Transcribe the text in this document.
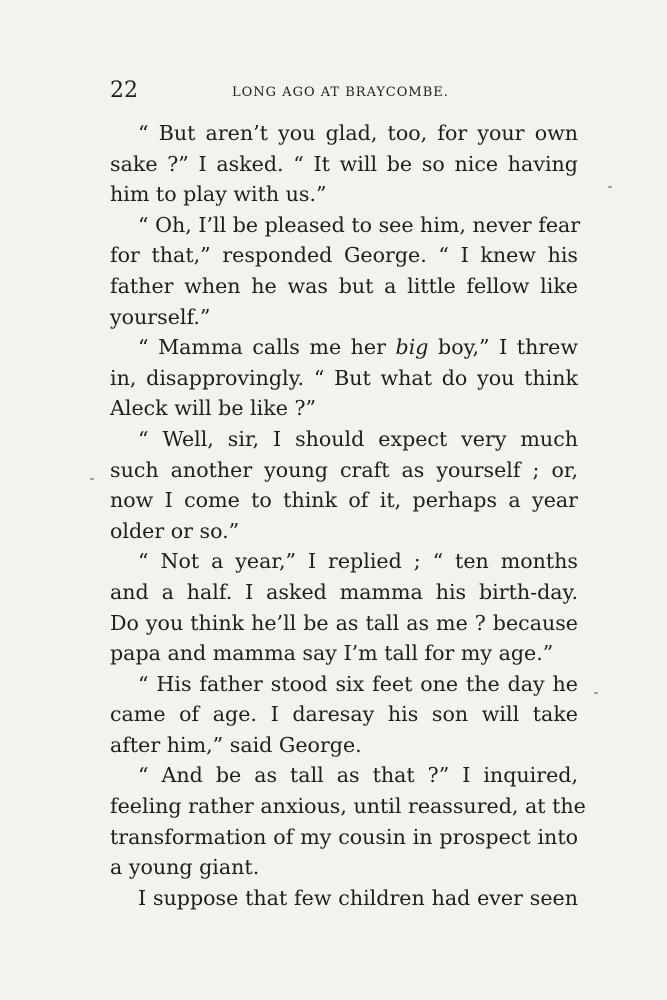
22	LONG AGO AT BRAYCOMBE.
“ But aren’t you glad, too, for your own
sake ?” I asked. “ It will be so nice having
him to play with us.”
“ Oh, I’ll be pleased to see him, never fear
for that,” responded George. “ I knew his
father when he was but a little fellow like
yourself.”
“ Mamma calls me her big boy,” I threw
in, disapprovingly. “ But what do you think
Aleck will be like ?”
“ Well, sir, I should expect very much
such another young craft as yourself ; or,
now I come to think of it, perhaps a year
older or so.”
“ Not a year,” I replied ; “ ten months
and a half. I asked mamma his birth-day.
Do you think he’ll be as tall as me ? because
papa and mamma say I’m tall for my age.”
“ His father stood six feet one the day he
came of age. I daresay his son will take
after him,” said George.
“ And be as tall as that ?” I inquired,
feeling rather anxious, until reassured, at the
transformation of my cousin in prospect into
a young giant.
I suppose that few children had ever seen
